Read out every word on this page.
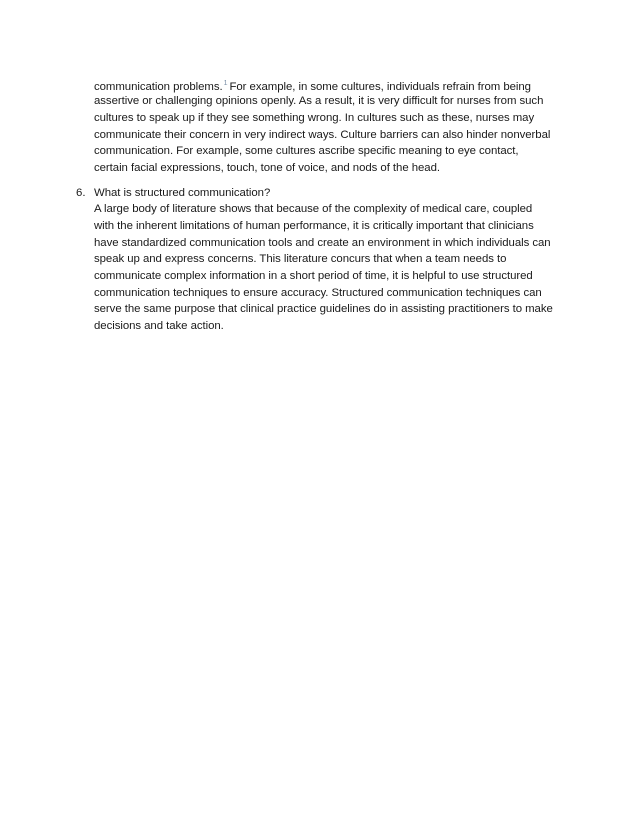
communication problems.$^1$ For example, in some cultures, individuals refrain from being
assertive or challenging opinions openly. As a result, it is very difficult for nurses from such
cultures to speak up if they see something wrong. In cultures such as these, nurses may
communicate their concern in very indirect ways. Culture barriers can also hinder nonverbal
communication. For example, some cultures ascribe specific meaning to eye contact,
certain facial expressions, touch, tone of voice, and nods of the head.
6. What is structured communication?
A large body of literature shows that because of the complexity of medical care, coupled
with the inherent limitations of human performance, it is critically important that clinicians
have standardized communication tools and create an environment in which individuals can
speak up and express concerns. This literature concurs that when a team needs to
communicate complex information in a short period of time, it is helpful to use structured
communication techniques to ensure accuracy. Structured communication techniques can
serve the same purpose that clinical practice guidelines do in assisting practitioners to make
decisions and take action.
